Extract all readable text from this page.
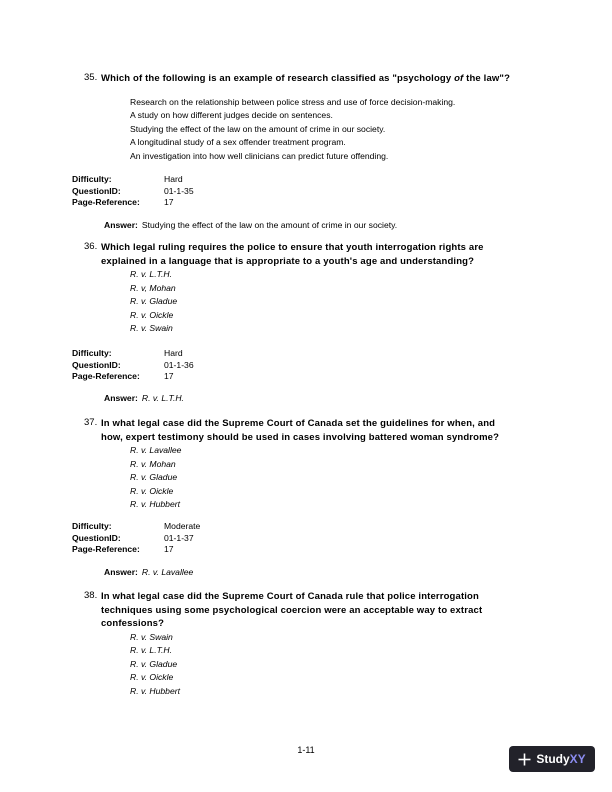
35. Which of the following is an example of research classified as "psychology of the law"?
Research on the relationship between police stress and use of force decision-making.
A study on how different judges decide on sentences.
Studying the effect of the law on the amount of crime in our society.
A longitudinal study of a sex offender treatment program.
An investigation into how well clinicians can predict future offending.
Difficulty:	Hard
QuestionID:	01-1-35
Page-Reference:	17
Answer: Studying the effect of the law on the amount of crime in our society.
36. Which legal ruling requires the police to ensure that youth interrogation rights are
explained in a language that is appropriate to a youth's age and understanding?
R. v. L.T.H.
R. v, Mohan
R. v. Gladue
R. v. Oickle
R. v. Swain
Difficulty:	Hard
QuestionID:	01-1-36
Page-Reference:	17
Answer: R. v. L.T.H.
37. In what legal case did the Supreme Court of Canada set the guidelines for when, and
how, expert testimony should be used in cases involving battered woman syndrome?
R. v. Lavallee
R. v. Mohan
R. v. Gladue
R. v. Oickle
R. v. Hubbert
Difficulty:	Moderate
QuestionID:	01-1-37
Page-Reference:	17
Answer: R. v. Lavallee
38. In what legal case did the Supreme Court of Canada rule that police interrogation
techniques using some psychological coercion were an acceptable way to extract
confessions?
R. v. Swain
R. v. L.T.H.
R. v. Gladue
R. v. Oickle
R. v. Hubbert
1-11
Study XY
